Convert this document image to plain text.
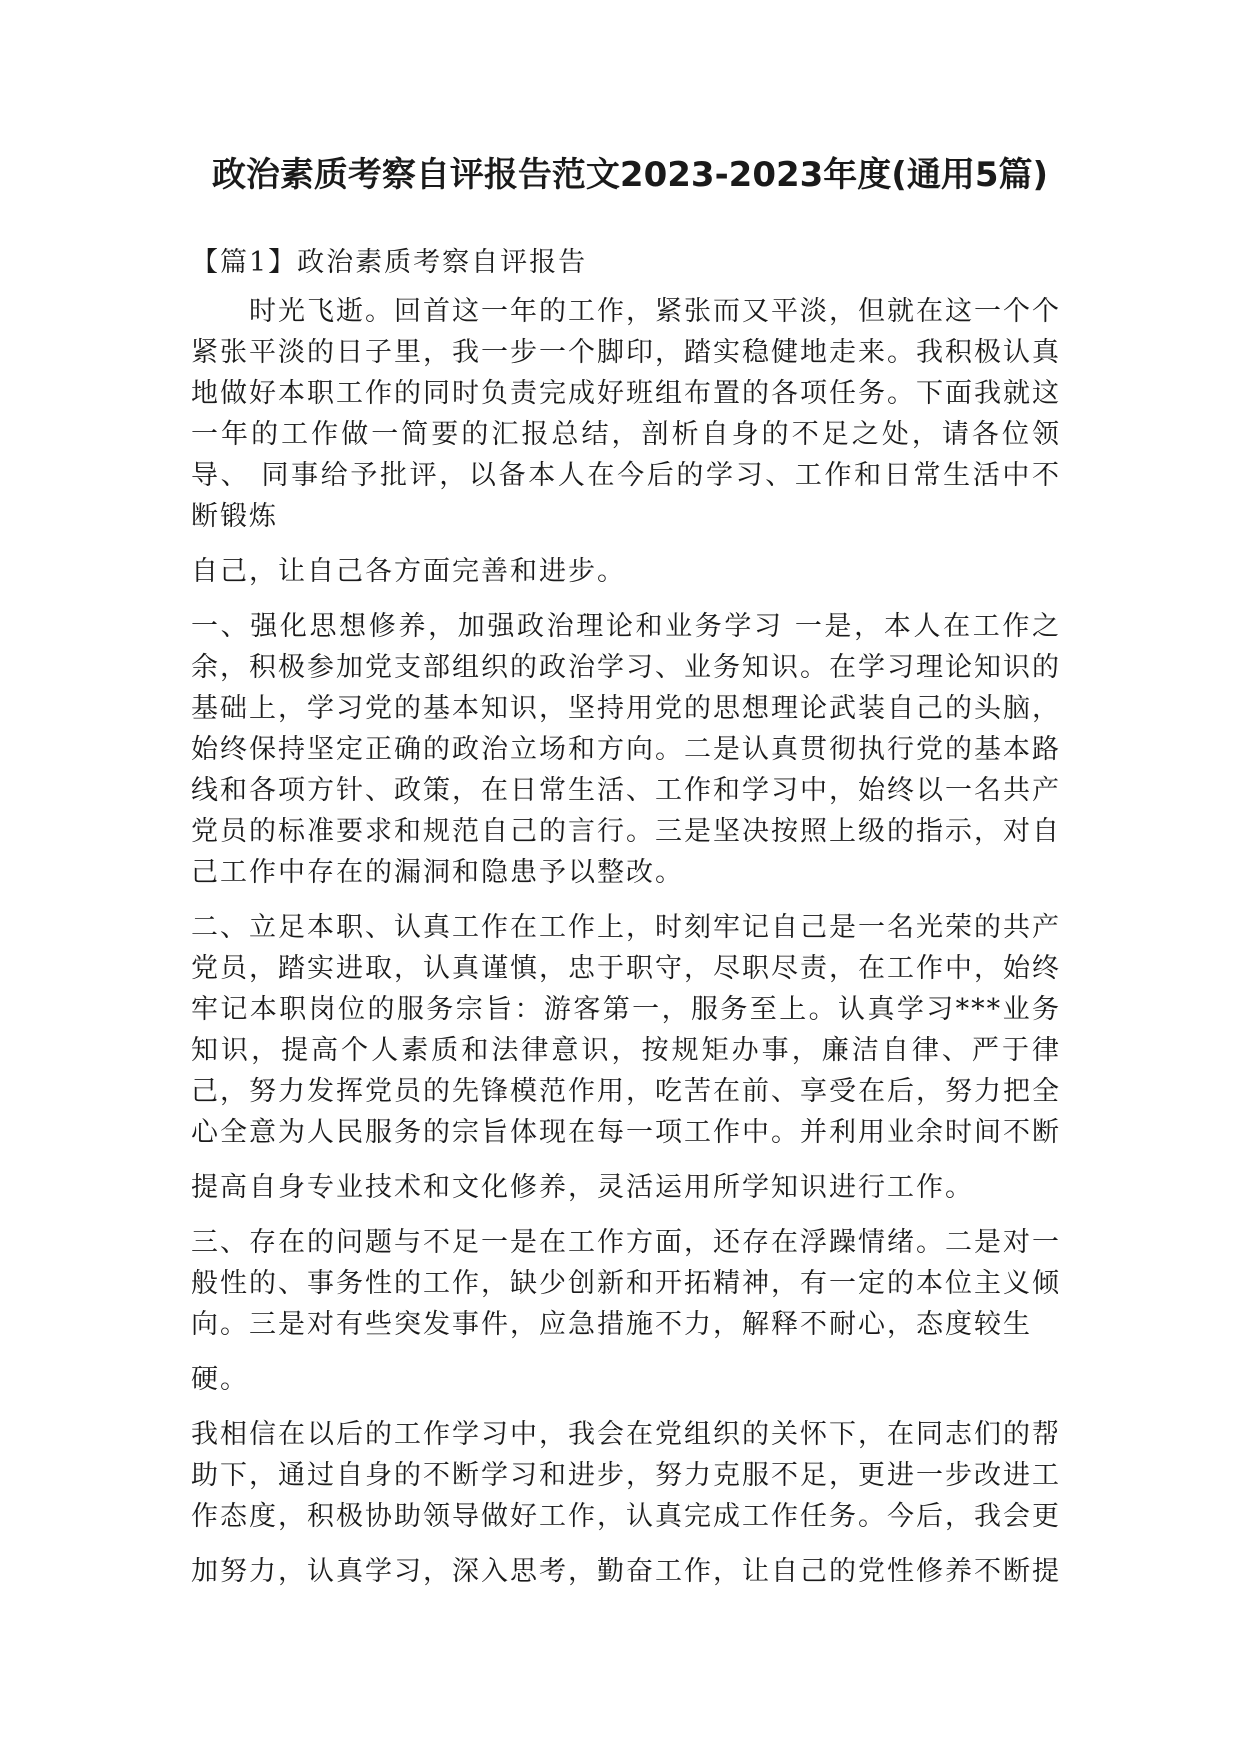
政治素质考察自评报告范文2023-2023年度(通用5篇)

【篇1】政治素质考察自评报告

时光飞逝。回首这一年的工作，紧张而又平淡，但就在这一个个紧张平淡的日子里，我一步一个脚印，踏实稳健地走来。我积极认真地做好本职工作的同时负责完成好班组布置的各项任务。下面我就这一年的工作做一简要的汇报总结，剖析自身的不足之处，请各位领导、 同事给予批评，以备本人在今后的学习、工作和日常生活中不断锻炼

自己，让自己各方面完善和进步。

一、强化思想修养，加强政治理论和业务学习 一是，本人在工作之余，积极参加党支部组织的政治学习、业务知识。在学习理论知识的基础上，学习党的基本知识，坚持用党的思想理论武装自己的头脑，始终保持坚定正确的政治立场和方向。二是认真贯彻执行党的基本路线和各项方针、政策，在日常生活、工作和学习中，始终以一名共产党员的标准要求和规范自己的言行。三是坚决按照上级的指示，对自己工作中存在的漏洞和隐患予以整改。

二、立足本职、认真工作在工作上，时刻牢记自己是一名光荣的共产党员，踏实进取，认真谨慎，忠于职守，尽职尽责，在工作中，始终牢记本职岗位的服务宗旨：游客第一，服务至上。认真学习***业务知识，提高个人素质和法律意识，按规矩办事，廉洁自律、严于律己，努力发挥党员的先锋模范作用，吃苦在前、享受在后，努力把全心全意为人民服务的宗旨体现在每一项工作中。并利用业余时间不断

提高自身专业技术和文化修养，灵活运用所学知识进行工作。

三、存在的问题与不足一是在工作方面，还存在浮躁情绪。二是对一般性的、事务性的工作，缺少创新和开拓精神，有一定的本位主义倾向。三是对有些突发事件，应急措施不力，解释不耐心，态度较生

硬。

我相信在以后的工作学习中，我会在党组织的关怀下，在同志们的帮助下，通过自身的不断学习和进步，努力克服不足，更进一步改进工作态度，积极协助领导做好工作，认真完成工作任务。今后，我会更

加努力，认真学习，深入思考，勤奋工作，让自己的党性修养不断提
